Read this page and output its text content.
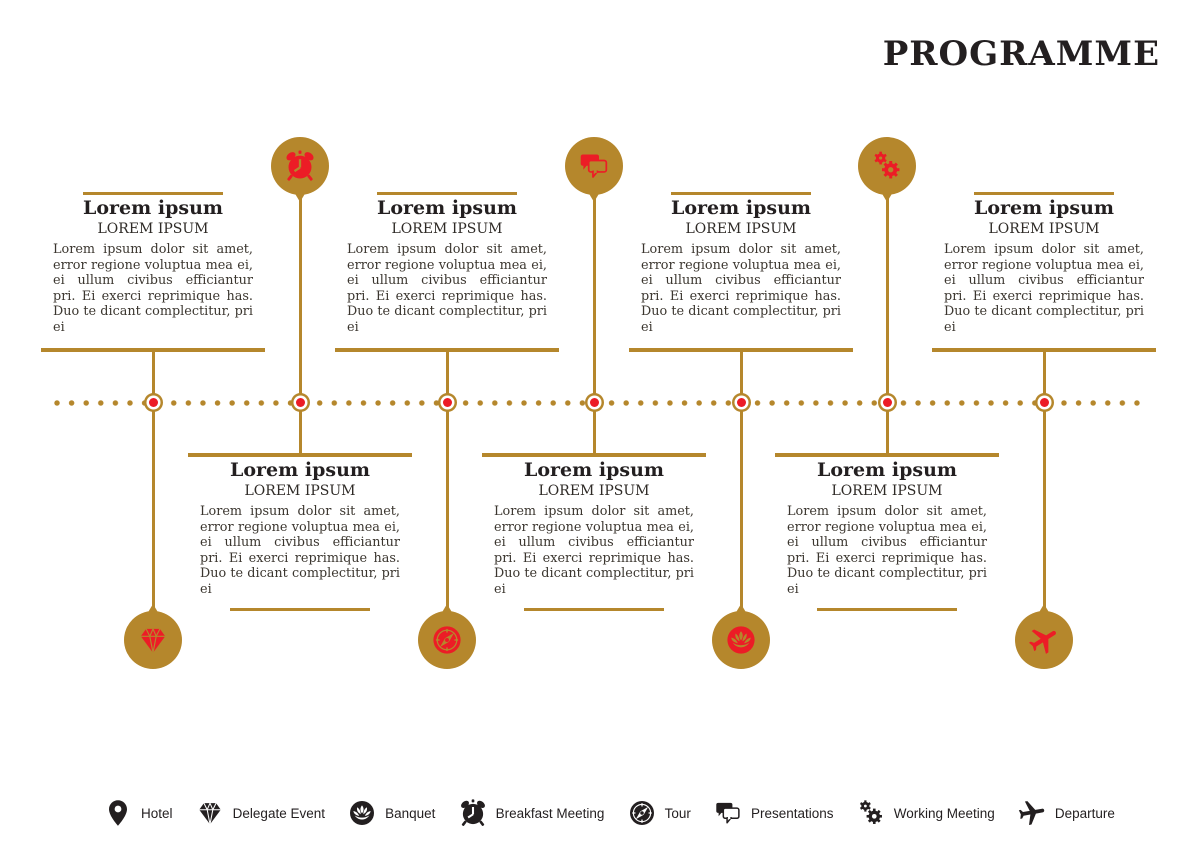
PROGRAMME
Lorem ipsum
LOREM IPSUM

Lorem ipsum dolor sit amet, error regione voluptua mea ei, ei ullum civibus efficiantur pri. Ei exerci reprimique has. Duo te dicant complectitur, pri ei

Lorem ipsum
LOREM IPSUM

Lorem ipsum dolor sit amet, error regione voluptua mea ei, ei ullum civibus efficiantur pri. Ei exerci reprimique has. Duo te dicant complectitur, pri ei

Lorem ipsum
LOREM IPSUM

Lorem ipsum dolor sit amet, error regione voluptua mea ei, ei ullum civibus efficiantur pri. Ei exerci reprimique has. Duo te dicant complectitur, pri ei

Lorem ipsum
LOREM IPSUM

Lorem ipsum dolor sit amet, error regione voluptua mea ei, ei ullum civibus efficiantur pri. Ei exerci reprimique has. Duo te dicant complectitur, pri ei

Lorem ipsum
LOREM IPSUM

Lorem ipsum dolor sit amet, error regione voluptua mea ei, ei ullum civibus efficiantur pri. Ei exerci reprimique has. Duo te dicant complectitur, pri ei

Lorem ipsum
LOREM IPSUM

Lorem ipsum dolor sit amet, error regione voluptua mea ei, ei ullum civibus efficiantur pri. Ei exerci reprimique has. Duo te dicant complectitur, pri ei

Lorem ipsum
LOREM IPSUM

Lorem ipsum dolor sit amet, error regione voluptua mea ei, ei ullum civibus efficiantur pri. Ei exerci reprimique has. Duo te dicant complectitur, pri ei

Hotel	Delegate Event	Banquet	Breakfast Meeting	Tour	Presentations	Working Meeting	Departure
